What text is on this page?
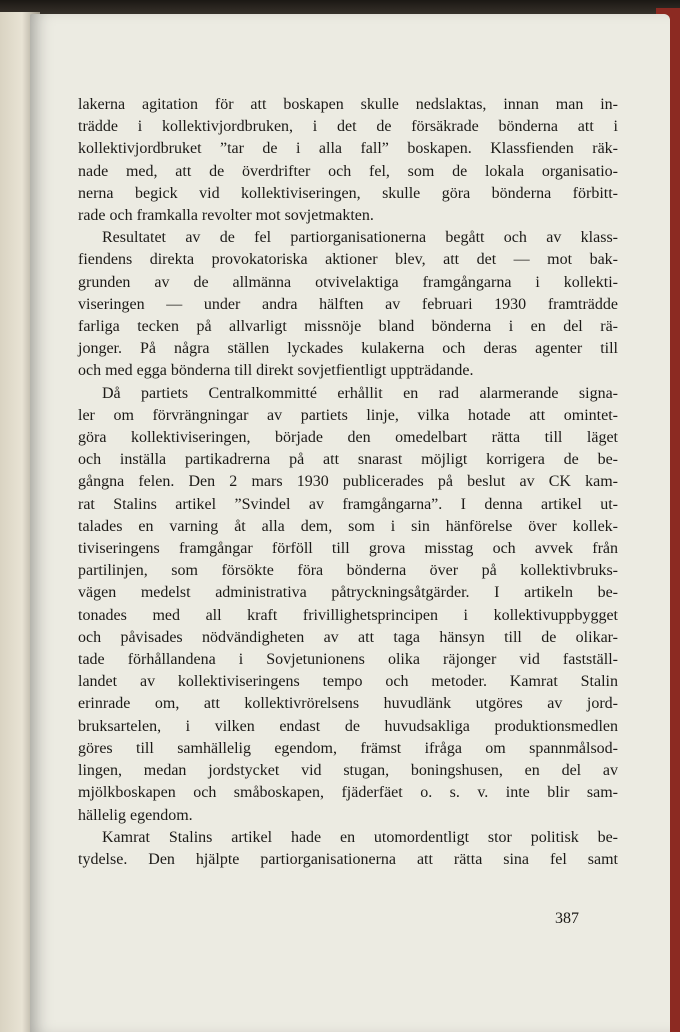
lakerna agitation för att boskapen skulle nedslaktas, innan man in-
trädde i kollektivjordbruken, i det de försäkrade bönderna att i
kollektivjordbruket ”tar de i alla fall” boskapen. Klassfienden räk-
nade med, att de överdrifter och fel, som de lokala organisatio-
nerna begick vid kollektiviseringen, skulle göra bönderna förbitt-
rade och framkalla revolter mot sovjetmakten.

Resultatet av de fel partiorganisationerna begått och av klass-
fiendens direkta provokatoriska aktioner blev, att det — mot bak-
grunden av de allmänna otvivelaktiga framgångarna i kollekti-
viseringen — under andra hälften av februari 1930 framträdde
farliga tecken på allvarligt missnöje bland bönderna i en del rä-
jonger. På några ställen lyckades kulakerna och deras agenter till
och med egga bönderna till direkt sovjetfientligt uppträdande.

Då partiets Centralkommitté erhållit en rad alarmerande signa-
ler om förvrängningar av partiets linje, vilka hotade att omintet-
göra kollektiviseringen, började den omedelbart rätta till läget
och inställa partikadrerna på att snarast möjligt korrigera de be-
gångna felen. Den 2 mars 1930 publicerades på beslut av CK kam-
rat Stalins artikel ”Svindel av framgångarna”. I denna artikel ut-
talades en varning åt alla dem, som i sin hänförelse över kollek-
tiviseringens framgångar förföll till grova misstag och avvek från
partilinjen, som försökte föra bönderna över på kollektivbruks-
vägen medelst administrativa påtryckningsåtgärder. I artikeln be-
tonades med all kraft frivillighetsprincipen i kollektivuppbygget
och påvisades nödvändigheten av att taga hänsyn till de olikar-
tade förhållandena i Sovjetunionens olika räjonger vid fastställ-
landet av kollektiviseringens tempo och metoder. Kamrat Stalin
erinrade om, att kollektivrörelsens huvudlänk utgöres av jord-
bruksartelen, i vilken endast de huvudsakliga produktionsmedlen
göres till samhällelig egendom, främst ifråga om spannmålsod-
lingen, medan jordstycket vid stugan, boningshusen, en del av
mjölkboskapen och småboskapen, fjäderfäet o. s. v. inte blir sam-
hällelig egendom.

Kamrat Stalins artikel hade en utomordentligt stor politisk be-
tydelse. Den hjälpte partiorganisationerna att rätta sina fel samt

387
